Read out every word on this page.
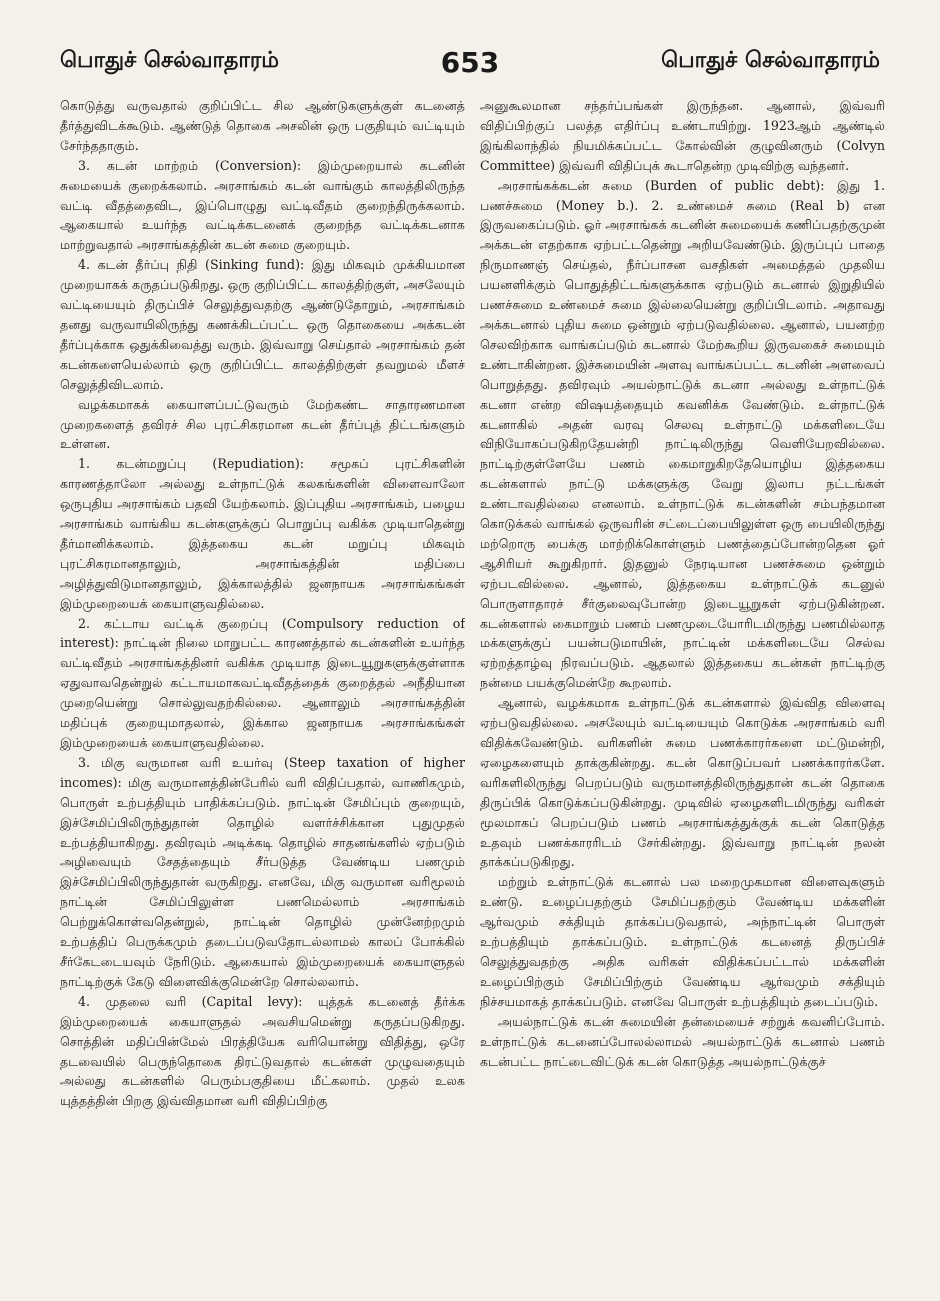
பொதுச் செல்வாதாரம்	653	பொதுச் செல்வாதாரம்

கொடுத்து வருவதால் குறிப்பிட்ட சில ஆண்டுகளுக்குள் கடனைத் தீர்த்துவிடக்கூடும். ஆண்டுத் தொகை அசலின் ஒரு பகுதியும் வட்டியும் சேர்ந்ததாகும்.

3. கடன் மாற்றம் (Conversion): இம்முறையால் கடனின் சுமையைக் குறைக்கலாம். அரசாங்கம் கடன் வாங்கும் காலத்திலிருந்த வட்டி வீதத்தைவிட, இப்பொழுது வட்டிவீதம் குறைந்திருக்கலாம். ஆகையால் உயர்ந்த வட்டிக்கடனைக் குறைந்த வட்டிக்கடனாக மாற்றுவதால் அரசாங்கத்தின் கடன் சுமை குறையும்.

4. கடன் தீர்ப்பு நிதி (Sinking fund): இது மிகவும் முக்கியமான முறையாகக் கருதப்படுகிறது. ஒரு குறிப்பிட்ட காலத்திற்குள், அசலேயும் வட்டியையும் திருப்பிச் செலுத்துவதற்கு ஆண்டுதோறும், அரசாங்கம் தனது வருவாயிலிருந்து கணக்கிடப்பட்ட ஒரு தொகையை அக்கடன் தீர்ப்புக்காக ஒதுக்கிவைத்து வரும். இவ்வாறு செய்தால் அரசாங்கம் தன் கடன்களையெல்லாம் ஒரு குறிப்பிட்ட காலத்திற்குள் தவறுமல் மீளச் செலுத்திவிடலாம்.

வழக்கமாகக் கையாளப்பட்டுவரும் மேற்கண்ட சாதாரணமான முறைகளைத் தவிரச் சில புரட்சிகரமான கடன் தீர்ப்புத் திட்டங்களும் உள்ளன.

1. கடன்மறுப்பு (Repudiation): சமூகப் புரட்சிகளின் காரணத்தாலோ அல்லது உள்நாட்டுக் கலகங்களின் விளைவாலோ ஒருபுதிய அரசாங்கம் பதவி யேற்கலாம். இப்புதிய அரசாங்கம், பழைய அரசாங்கம் வாங்கிய கடன்களுக்குப் பொறுப்பு வகிக்க முடியாதென்று தீர்மானிக்கலாம். இத்தகைய கடன் மறுப்பு மிகவும் புரட்சிகரமானதாலும், அரசாங்கத்தின் மதிப்பை அழித்துவிடுமானதாலும், இக்காலத்தில் ஜனநாயக அரசாங்கங்கள் இம்முறையைக் கையாளுவதில்லை.

2. கட்டாய வட்டிக் குறைப்பு (Compulsory reduction of interest): நாட்டின் நிலை மாறுபட்ட காரணத்தால் கடன்களின் உயர்ந்த வட்டிவீதம் அரசாங்கத்தினர் வகிக்க முடியாத இடையூறுகளுக்குள்ளாக ஏதுவாவதென்றுல் கட்டாயமாகவட்டிவீதத்தைக் குறைத்தல் அநீதியான முறையென்று சொல்லுவதற்கில்லை. ஆனாலும் அரசாங்கத்தின் மதிப்புக் குறையுமாதலால், இக்கால ஜனநாயக அரசாங்கங்கள் இம்முறையைக் கையாளுவதில்லை.

3. மிகு வருமான வரி உயர்வு (Steep taxation of higher incomes): மிகு வருமானத்தின்பேரில் வரி விதிப்பதால், வாணிகமும், பொருள் உற்பத்தியும் பாதிக்கப்படும். நாட்டின் சேமிப்பும் குறையும், இச்சேமிப்பிலிருந்துதான் தொழில் வளர்ச்சிக்கான புதுமுதல் உற்பத்தியாகிறது. தவிரவும் அடிக்கடி தொழில் சாதனங்களில் ஏற்படும் அழிவையும் சேதத்தையும் சீர்படுத்த வேண்டிய பணமும் இச்சேமிப்பிலிருந்துதான் வருகிறது. எனவே, மிகு வருமான வரிமூலம் நாட்டின் சேமிப்பிலுள்ள பணமெல்லாம் அரசாங்கம் பெற்றுக்கொள்வதென்றுல், நாட்டின் தொழில் முன்னேற்றமும் உற்பத்திப் பெருக்கமும் தடைப்படுவதோடல்லாமல் காலப் போக்கில் சீர்கேடடையவும் நேரிடும். ஆகையால் இம்முறையைக் கையாளுதல் நாட்டிற்குக் கேடு விளைவிக்குமென்றே சொல்லலாம்.

4. முதலை வரி (Capital levy): யுத்தக் கடனைத் தீர்க்க இம்முறையைக் கையாளுதல் அவசியமென்று கருதப்படுகிறது. சொத்தின் மதிப்பின்மேல் பிரத்தியேக வரியொன்று விதித்து, ஒரே தடவையில் பெருந்தொகை திரட்டுவதால் கடன்கள் முழுவதையும் அல்லது கடன்களில் பெரும்பகுதியை மீட்கலாம். முதல் உலக யுத்தத்தின் பிறகு இவ்விதமான வரி விதிப்பிற்கு

அனுகூலமான சந்தர்ப்பங்கள் இருந்தன. ஆனால், இவ்வரி விதிப்பிற்குப் பலத்த எதிர்ப்பு உண்டாயிற்று. 1923ஆம் ஆண்டில் இங்கிலாந்தில் நியமிக்கப்பட்ட கோல்வின் குழுவினரும் (Colvyn Committee) இவ்வரி விதிப்புக் கூடாதென்ற முடிவிற்கு வந்தனர்.

அரசாங்கக்கடன் சுமை (Burden of public debt): இது 1. பணச்சுமை (Money b.). 2. உண்மைச் சுமை (Real b) என இருவகைப்படும். ஓர் அரசாங்கக் கடனின் சுமையைக் கணிப்பதற்குமுன் அக்கடன் எதற்காக ஏற்பட்டதென்று அறியவேண்டும். இருப்புப் பாதை நிருமாணஞ் செய்தல், நீர்ப்பாசன வசதிகள் அமைத்தல் முதலிய பயனளிக்கும் பொதுத்திட்டங்களுக்காக ஏற்படும் கடனால் இறுதியில் பணச்சுமை உண்மைச் சுமை இல்லையென்று குறிப்பிடலாம். அதாவது அக்கடனால் புதிய சுமை ஒன்றும் ஏற்படுவதில்லை. ஆனால், பயனற்ற செலவிற்காக வாங்கப்படும் கடனால் மேற்கூறிய இருவகைச் சுமையும் உண்டாகின்றன. இச்சுமையின் அளவு வாங்கப்பட்ட கடனின் அளவைப் பொறுத்தது. தவிரவும் அயல்நாட்டுக் கடனா அல்லது உள்நாட்டுக் கடனா என்ற விஷயத்தையும் கவனிக்க வேண்டும். உள்நாட்டுக் கடனாகில் அதன் வரவு செலவு உள்நாட்டு மக்களிடையே விநியோகப்படுகிறதேயன்றி நாட்டிலிருந்து வெளியேறவில்லை. நாட்டிற்குள்ளேயே பணம் கைமாறுகிறதேயொழிய இத்தகைய கடன்களால் நாட்டு மக்களுக்கு வேறு இலாப நட்டங்கள் உண்டாவதில்லை எனலாம். உள்நாட்டுக் கடன்களின் சம்பந்தமான கொடுக்கல் வாங்கல் ஒருவரின் சட்டைப்பையிலுள்ள ஒரு பையிலிருந்து மற்றொரு பைக்கு மாற்றிக்கொள்ளும் பணத்தைப்போன்றதென ஓர் ஆசிரியர் கூறுகிறார். இதனுல் நேரடியான பணச்சுமை ஒன்றும் ஏற்படவில்லை. ஆனால், இத்தகைய உள்நாட்டுக் கடனுல் பொருளாதாரச் சீர்குலைவுபோன்ற இடையூறுகள் ஏற்படுகின்றன. கடன்களால் கைமாறும் பணம் பணமுடையோரிடமிருந்து பணமில்லாத மக்களுக்குப் பயன்படுமாயின், நாட்டின் மக்களிடையே செல்வ ஏற்றத்தாழ்வு நிரவப்படும். ஆதலால் இத்தகைய கடன்கள் நாட்டிற்கு நன்மை பயக்குமென்றே கூறலாம்.

ஆனால், வழக்கமாக உள்நாட்டுக் கடன்களால் இவ்வித விளைவு ஏற்படுவதில்லை. அசலேயும் வட்டியையும் கொடுக்க அரசாங்கம் வரி விதிக்கவேண்டும். வரிகளின் சுமை பணக்காரர்களை மட்டுமன்றி, ஏழைகளையும் தாக்குகின்றது. கடன் கொடுப்பவர் பணக்காரர்களே. வரிகளிலிருந்து பெறப்படும் வருமானத்திலிருந்துதான் கடன் தொகை திருப்பிக் கொடுக்கப்படுகின்றது. முடிவில் ஏழைகளிடமிருந்து வரிகள் மூலமாகப் பெறப்படும் பணம் அரசாங்கத்துக்குக் கடன் கொடுத்த உதவும் பணக்காரரிடம் சேர்கின்றது. இவ்வாறு நாட்டின் நலன் தாக்கப்படுகிறது.

மற்றும் உள்நாட்டுக் கடனால் பல மறைமுகமான விளைவுகளும் உண்டு. உழைப்பதற்கும் சேமிப்பதற்கும் வேண்டிய மக்களின் ஆர்வமும் சக்தியும் தாக்கப்படுவதால், அந்நாட்டின் பொருள் உற்பத்தியும் தாக்கப்படும். உள்நாட்டுக் கடனைத் திருப்பிச் செலுத்துவதற்கு அதிக வரிகள் விதிக்கப்பட்டால் மக்களின் உழைப்பிற்கும் சேமிப்பிற்கும் வேண்டிய ஆர்வமும் சக்தியும் நிச்சயமாகத் தாக்கப்படும். எனவே பொருள் உற்பத்தியும் தடைப்படும்.

அயல்நாட்டுக் கடன் சுமையின் தன்மையைச் சற்றுக் கவனிப்போம். உள்நாட்டுக் கடனைப்போலல்லாமல் அயல்நாட்டுக் கடனால் பணம் கடன்பட்ட நாட்டைவிட்டுக் கடன் கொடுத்த அயல்நாட்டுக்குச்
